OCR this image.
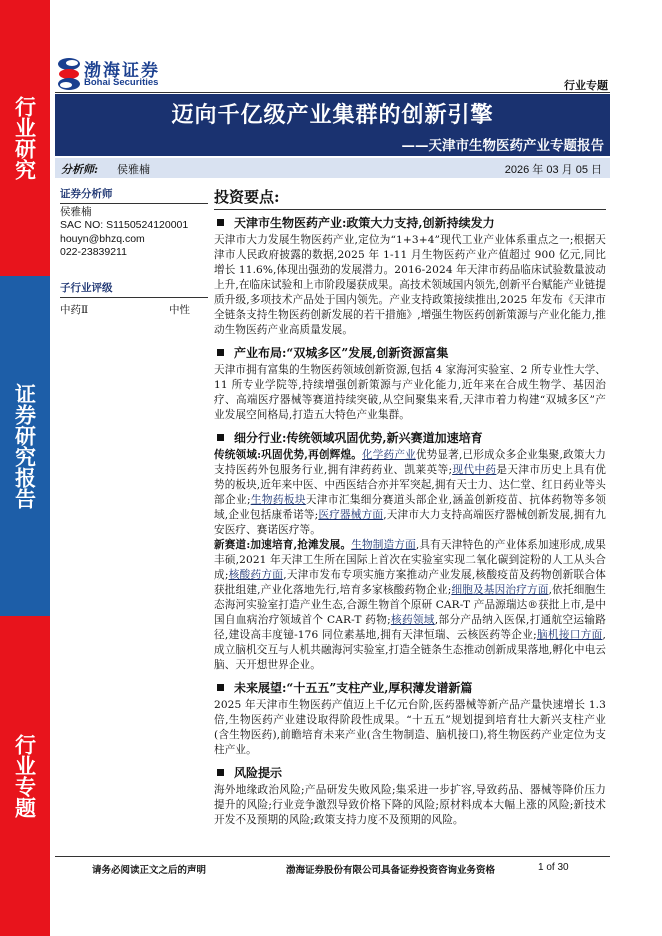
行业研究
证券研究报告
行业专题
渤海证券
Bohai Securities	行业专题
迈向千亿级产业集群的创新引擎
——天津市生物医药产业专题报告
分析师: 侯雅楠	2026 年 03 月 05 日
证券分析师
侯雅楠
SAC NO: S1150524120001
houyn@bhzq.com
022-23839211
子行业评级
中药Ⅱ	中性
投资要点:
天津市生物医药产业:政策大力支持,创新持续发力

天津市大力发展生物医药产业,定位为“1+3+4”现代工业产业体系重点之一;根据天津市人民政府披露的数据,2025 年 1-11 月生物医药产业产值超过 900 亿元,同比增长 11.6%,体现出强劲的发展潜力。2016-2024 年天津市药品临床试验数量波动上升,在临床试验和上市阶段屡获成果。高技术领域国内领先,创新平台赋能产业链提质升级,多项技术产品处于国内领先。产业支持政策接续推出,2025 年发布《天津市全链条支持生物医药创新发展的若干措施》,增强生物医药创新策源与产业化能力,推动生物医药产业高质量发展。

产业布局:“双城多区”发展,创新资源富集

天津市拥有富集的生物医药领域创新资源,包括 4 家海河实验室、2 所专业性大学、11 所专业学院等,持续增强创新策源与产业化能力,近年来在合成生物学、基因治疗、高端医疗器械等赛道持续突破,从空间聚集来看,天津市着力构建“双城多区”产业发展空间格局,打造五大特色产业集群。

细分行业:传统领域巩固优势,新兴赛道加速培育

传统领域:巩固优势,再创辉煌。化学药产业优势显著,已形成众多企业集聚,政策大力支持医药外包服务行业,拥有津药药业、凯莱英等;现代中药是天津市历史上具有优势的板块,近年来中医、中西医结合亦并军突起,拥有天士力、达仁堂、红日药业等头部企业;生物药板块天津市汇集细分赛道头部企业,涵盖创新疫苗、抗体药物等多领域,企业包括康希诺等;医疗器械方面,天津市大力支持高端医疗器械创新发展,拥有九安医疗、赛诺医疗等。

新赛道:加速培育,抢滩发展。生物制造方面,具有天津特色的产业体系加速形成,成果丰硕,2021 年天津工生所在国际上首次在实验室实现二氧化碳到淀粉的人工从头合成;核酸药方面,天津市发布专项实施方案推动产业发展,核酸疫苗及药物创新联合体获批组建,产业化落地先行,培育多家核酸药物企业;细胞及基因治疗方面,依托细胞生态海河实验室打造产业生态,合源生物首个原研 CAR-T 产品源瑞达®获批上市,是中国自血病治疗领域首个 CAR-T 药物;核药领域,部分产品纳入医保,打通航空运输路径,建设高丰度镱-176 同位素基地,拥有天津恒瑞、云核医药等企业;脑机接口方面,成立脑机交互与人机共融海河实验室,打造全链条生态推动创新成果落地,孵化中电云脑、天开想世界企业。

未来展望:“十五五”支柱产业,厚积薄发谱新篇

2025 年天津市生物医药产值迈上千亿元台阶,医药器械等新产品产量快速增长 1.3 倍,生物医药产业建设取得阶段性成果。“十五五”规划提到培育壮大新兴支柱产业(含生物医药),前瞻培育未来产业(含生物制造、脑机接口),将生物医药产业定位为支柱产业。

风险提示

海外地缘政治风险;产品研发失败风险;集采进一步扩容,导致药品、器械等降价压力提升的风险;行业竞争激烈导致价格下降的风险;原材料成本大幅上涨的风险;新技术开发不及预期的风险;政策支持力度不及预期的风险。

请务必阅读正文之后的声明	渤海证券股份有限公司具备证券投资咨询业务资格	1 of 30
